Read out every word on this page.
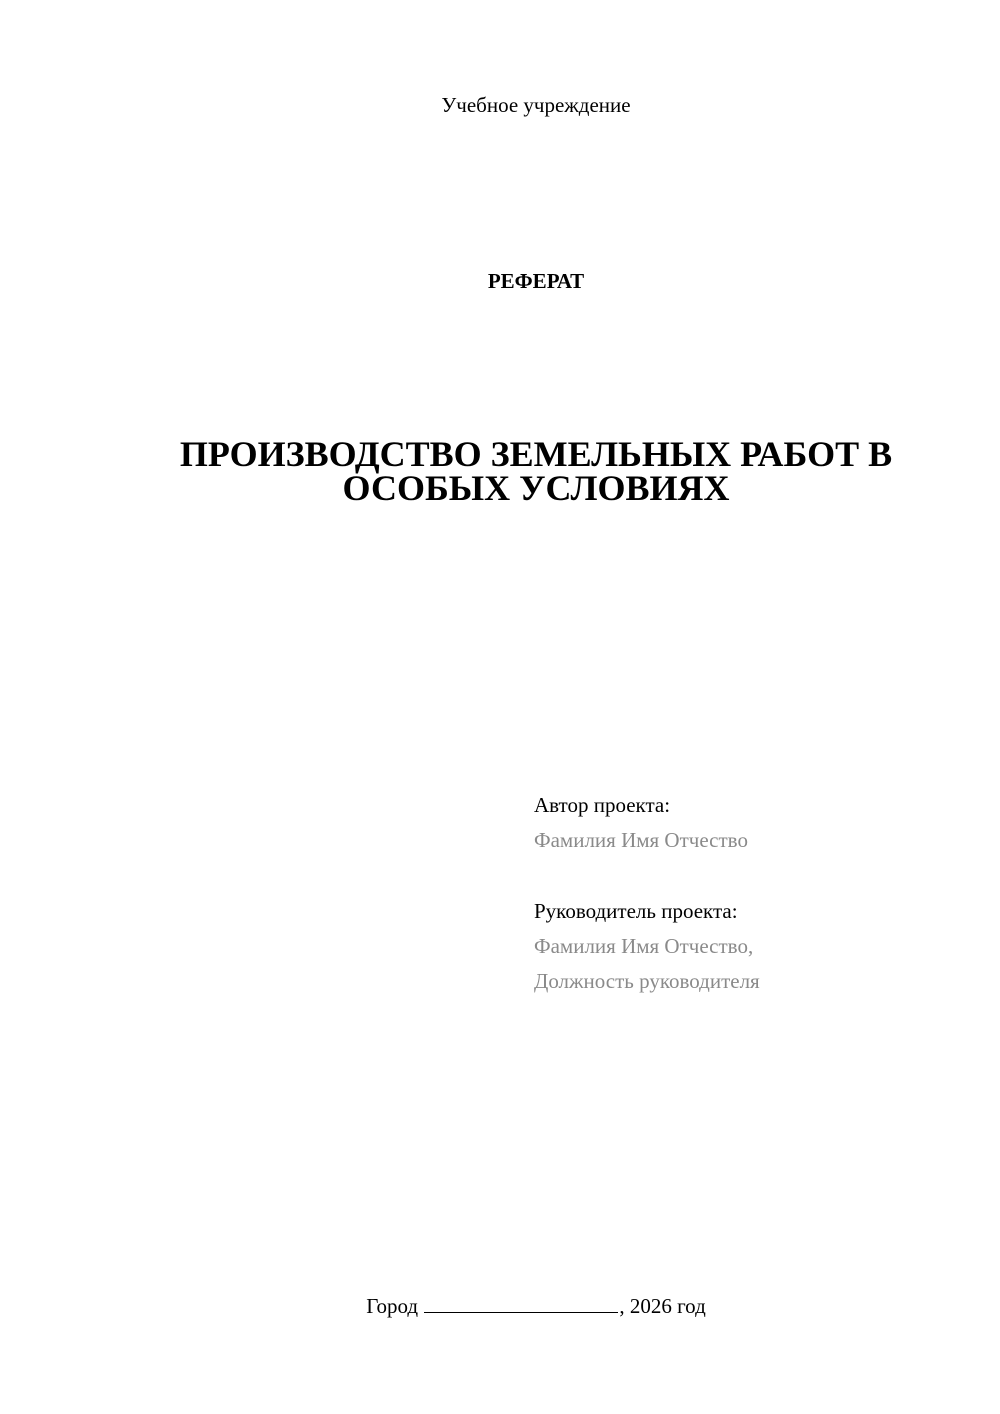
Учебное учреждение
РЕФЕРАТ
ПРОИЗВОДСТВО ЗЕМЕЛЬНЫХ РАБОТ В
ОСОБЫХ УСЛОВИЯХ
Автор проекта:
Фамилия Имя Отчество
Руководитель проекта:
Фамилия Имя Отчество,
Должность руководителя
Город	, 2026 год
